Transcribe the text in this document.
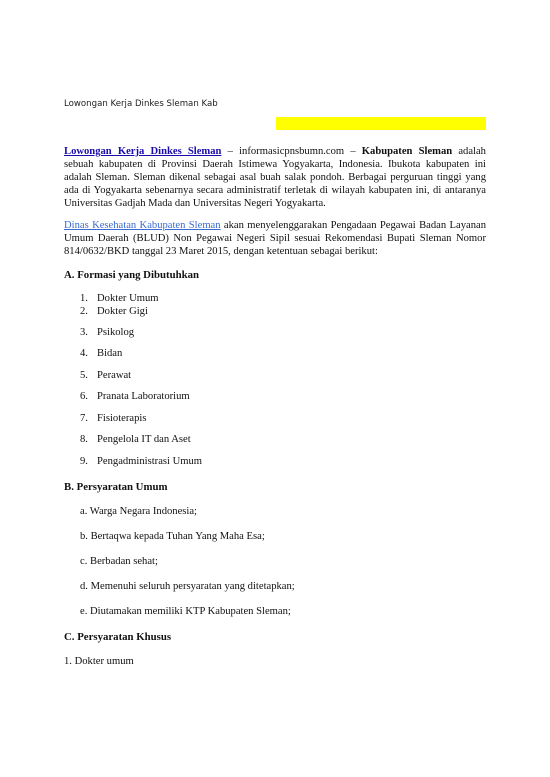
Lowongan Kerja Dinkes Sleman Kab
Lowongan Kerja Dinkes Sleman – informasicpnsbumn.com – Kabupaten Sleman adalah sebuah kabupaten di Provinsi Daerah Istimewa Yogyakarta, Indonesia. Ibukota kabupaten ini adalah Sleman. Sleman dikenal sebagai asal buah salak pondoh. Berbagai perguruan tinggi yang ada di Yogyakarta sebenarnya secara administratif terletak di wilayah kabupaten ini, di antaranya Universitas Gadjah Mada dan Universitas Negeri Yogyakarta.
Dinas Kesehatan Kabupaten Sleman akan menyelenggarakan Pengadaan Pegawai Badan Layanan Umum Daerah (BLUD) Non Pegawai Negeri Sipil sesuai Rekomendasi Bupati Sleman Nomor 814/0632/BKD tanggal 23 Maret 2015, dengan ketentuan sebagai berikut:
A. Formasi yang Dibutuhkan
1. Dokter Umum
2. Dokter Gigi
3. Psikolog
4. Bidan
5. Perawat
6. Pranata Laboratorium
7. Fisioterapis
8. Pengelola IT dan Aset
9. Pengadministrasi Umum
B. Persyaratan Umum
a. Warga Negara Indonesia;
b. Bertaqwa kepada Tuhan Yang Maha Esa;
c. Berbadan sehat;
d. Memenuhi seluruh persyaratan yang ditetapkan;
e. Diutamakan memiliki KTP Kabupaten Sleman;
C. Persyaratan Khusus
1. Dokter umum
